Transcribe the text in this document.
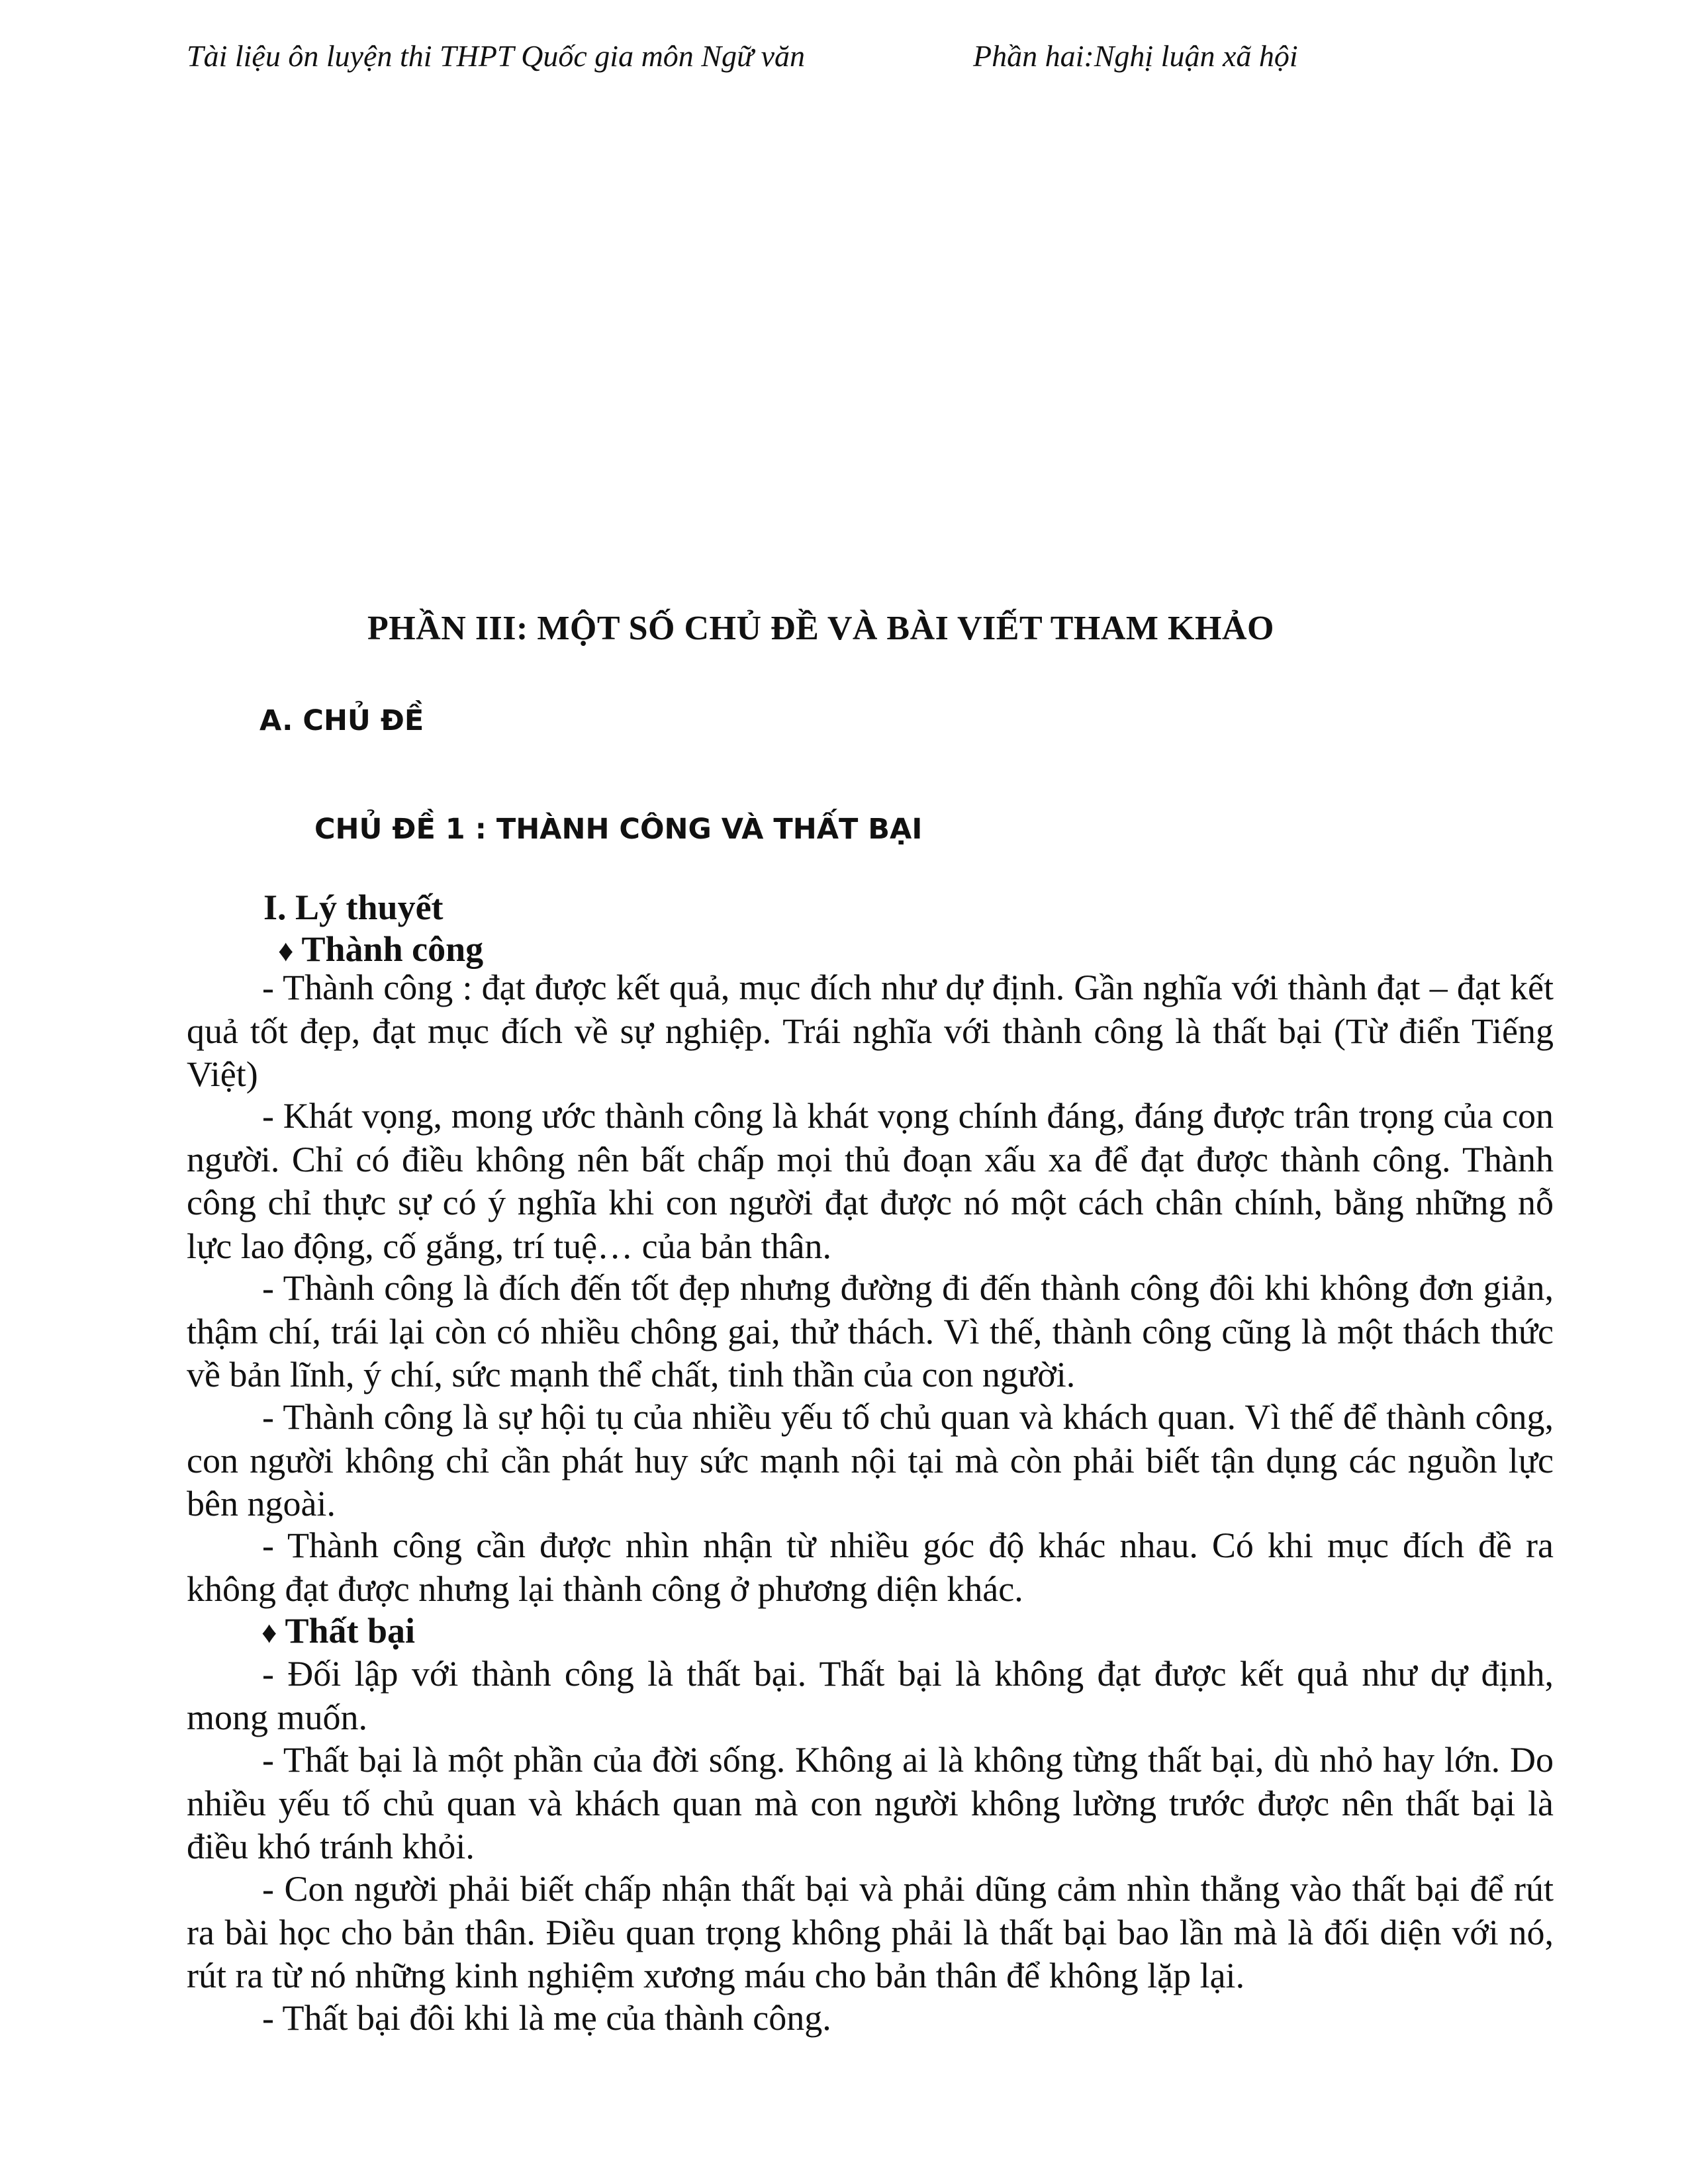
Tài liệu ôn luyện thi THPT Quốc gia môn Ngữ văn	Phần hai:Nghị luận xã hội
PHẦN III: MỘT SỐ CHỦ ĐỀ VÀ BÀI VIẾT THAM KHẢO
A. CHỦ ĐỀ
CHỦ ĐỀ 1 : THÀNH CÔNG VÀ THẤT BẠI
I. Lý thuyết
♦ Thành công

- Thành công : đạt được kết quả, mục đích như dự định. Gần nghĩa với thành đạt – đạt kết quả tốt đẹp, đạt mục đích về sự nghiệp. Trái nghĩa với thành công là thất bại (Từ điển Tiếng Việt)

- Khát vọng, mong ước thành công là khát vọng chính đáng, đáng được trân trọng của con người. Chỉ có điều không nên bất chấp mọi thủ đoạn xấu xa để đạt được thành công. Thành công chỉ thực sự có ý nghĩa khi con người đạt được nó một cách chân chính, bằng những nỗ lực lao động, cố gắng, trí tuệ… của bản thân.

- Thành công là đích đến tốt đẹp nhưng đường đi đến thành công đôi khi không đơn giản, thậm chí, trái lại còn có nhiều chông gai, thử thách. Vì thế, thành công cũng là một thách thức về bản lĩnh, ý chí, sức mạnh thể chất, tinh thần của con người.

- Thành công là sự hội tụ của nhiều yếu tố chủ quan và khách quan. Vì thế để thành công, con người không chỉ cần phát huy sức mạnh nội tại mà còn phải biết tận dụng các nguồn lực bên ngoài.

- Thành công cần được nhìn nhận từ nhiều góc độ khác nhau. Có khi mục đích đề ra không đạt được nhưng lại thành công ở phương diện khác.

♦ Thất bại

- Đối lập với thành công là thất bại. Thất bại là không đạt được kết quả như dự định, mong muốn.

- Thất bại là một phần của đời sống. Không ai là không từng thất bại, dù nhỏ hay lớn. Do nhiều yếu tố chủ quan và khách quan mà con người không lường trước được nên thất bại là điều khó tránh khỏi.

- Con người phải biết chấp nhận thất bại và phải dũng cảm nhìn thẳng vào thất bại để rút ra bài học cho bản thân. Điều quan trọng không phải là thất bại bao lần mà là đối diện với nó, rút ra từ nó những kinh nghiệm xương máu cho bản thân để không lặp lại.

- Thất bại đôi khi là mẹ của thành công.
